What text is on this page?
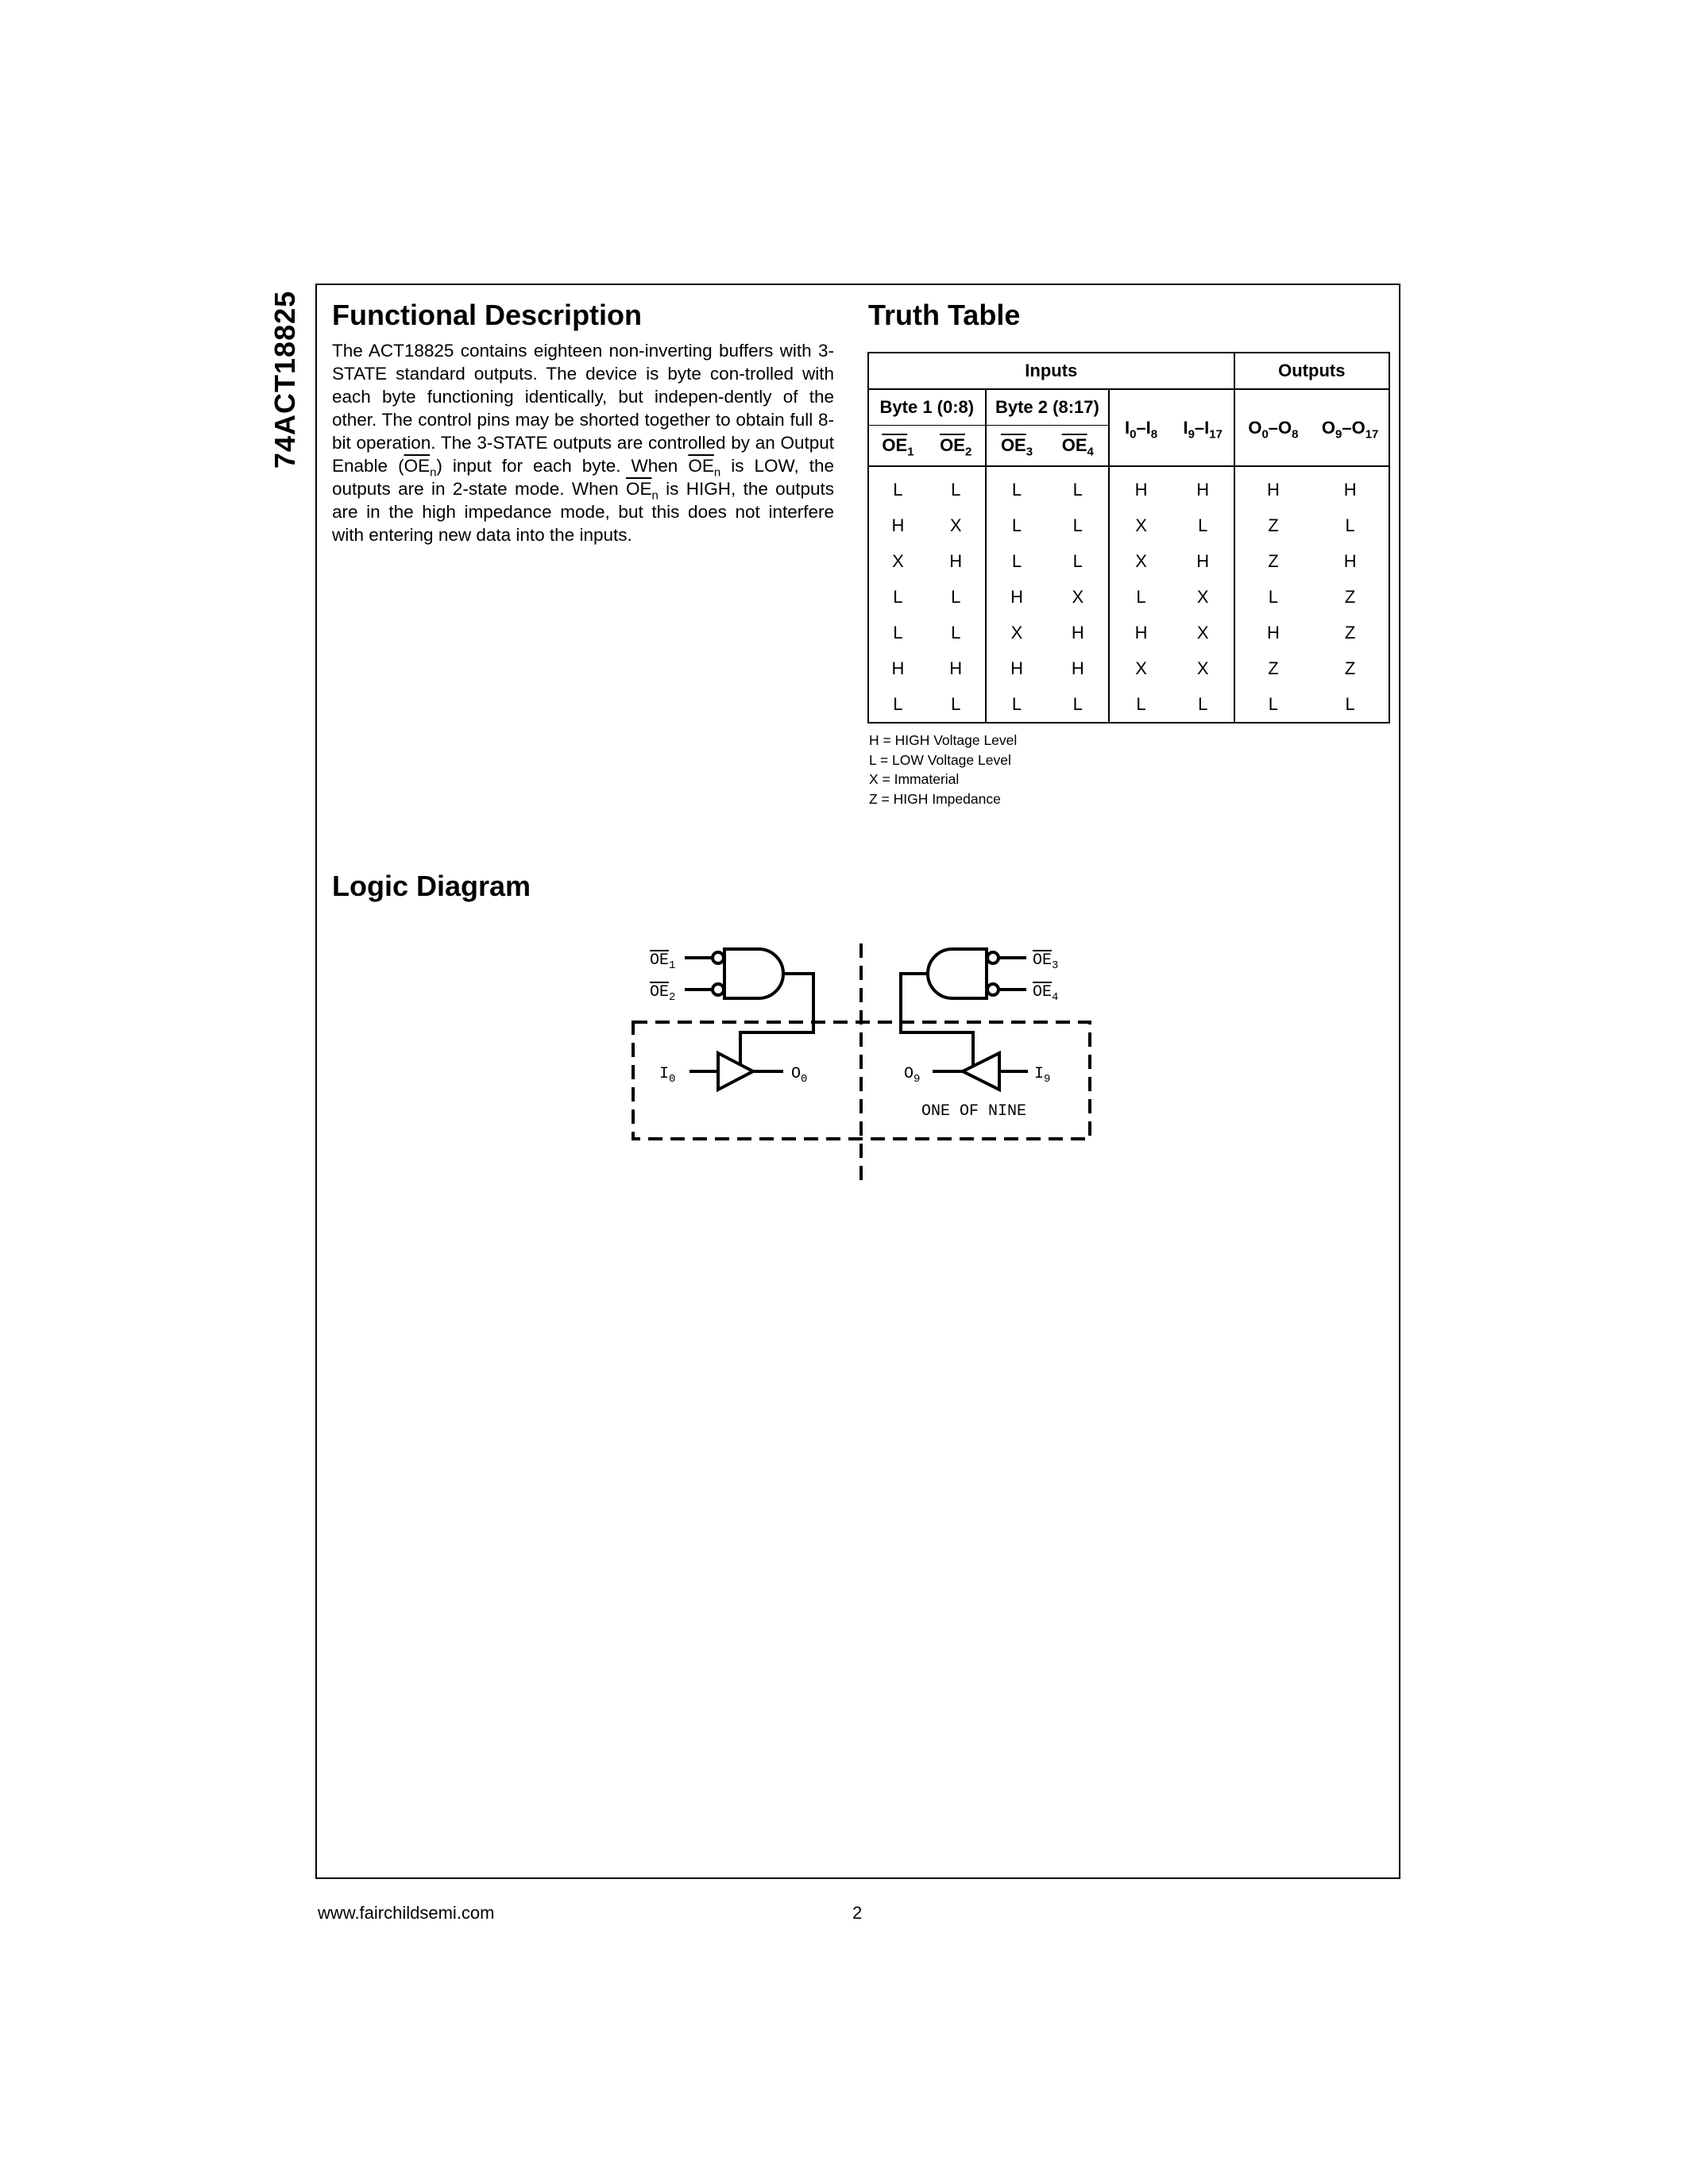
74ACT18825 Functional Description
The ACT18825 contains eighteen non-inverting buffers with 3-STATE standard outputs. The device is byte con-trolled with each byte functioning identically, but indepen-dently of the other. The control pins may be shorted together to obtain full 8-bit operation. The 3-STATE outputs are controlled by an Output Enable $(\overline{OE}_n)$ input for each byte. When $\overline{OE}_n$ is LOW, the outputs are in 2-state mode. When $\overline{OE}_n$ is HIGH, the outputs are in the high impedance mode, but this does not interfere with entering new data into the inputs.
Truth Table
Inputs						Outputs	
Byte 1 (0:8)		Byte 2 (8:17)		$I_0-I_8$	$I_9-I_{17}$	$O_0-O_8$	$O_9-O_{17}$
$\overline{OE}_1$	$\overline{OE}_2$	$\overline{OE}_3$	$\overline{OE}_4$
L	L	L	L	H	H	H	H
H	X	L	L	X	L	Z	L
X	H	L	L	X	H	Z	H
L	L	H	X	L	X	L	Z
L	L	X	H	H	X	H	Z
H	H	H	H	X	X	Z	Z
L	L	L	L	L	L	L	L
H = HIGH Voltage Level
L = LOW Voltage Level
X = Immaterial
Z = HIGH Impedance
Logic Diagram
$OE_1$
$OE_2$
$OE_3$
$OE_4$
$I_0$	$O_0$	$O_9$	$I_9$
ONE OF NINE
www.fairchildsemi.com	2
